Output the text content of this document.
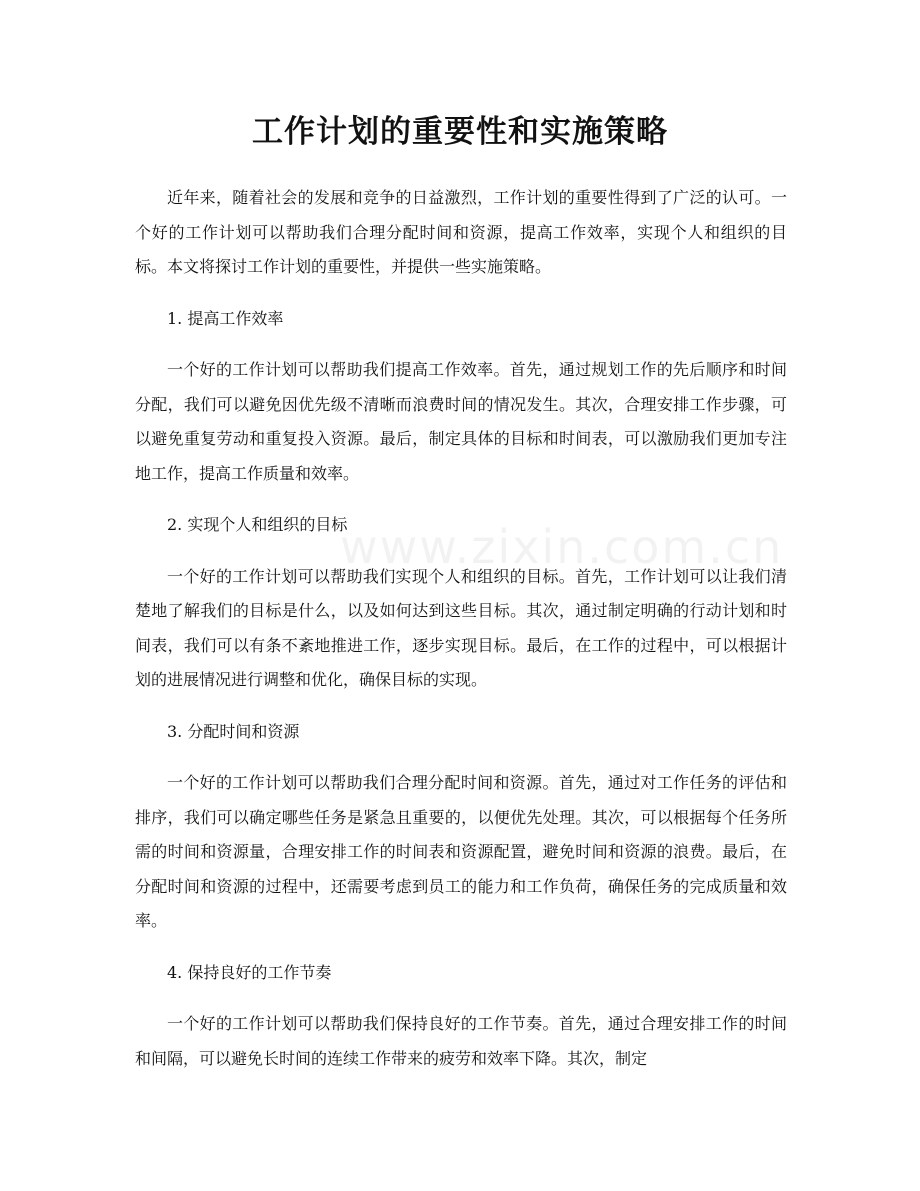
www.zixin.com.cn
工作计划的重要性和实施策略

近年来，随着社会的发展和竞争的日益激烈，工作计划的重要性得到了广泛的认可。一个好的工作计划可以帮助我们合理分配时间和资源，提高工作效率，实现个人和组织的目标。本文将探讨工作计划的重要性，并提供一些实施策略。

1. 提高工作效率

一个好的工作计划可以帮助我们提高工作效率。首先，通过规划工作的先后顺序和时间分配，我们可以避免因优先级不清晰而浪费时间的情况发生。其次，合理安排工作步骤，可以避免重复劳动和重复投入资源。最后，制定具体的目标和时间表，可以激励我们更加专注地工作，提高工作质量和效率。

2. 实现个人和组织的目标

一个好的工作计划可以帮助我们实现个人和组织的目标。首先，工作计划可以让我们清楚地了解我们的目标是什么，以及如何达到这些目标。其次，通过制定明确的行动计划和时间表，我们可以有条不紊地推进工作，逐步实现目标。最后，在工作的过程中，可以根据计划的进展情况进行调整和优化，确保目标的实现。

3. 分配时间和资源

一个好的工作计划可以帮助我们合理分配时间和资源。首先，通过对工作任务的评估和排序，我们可以确定哪些任务是紧急且重要的，以便优先处理。其次，可以根据每个任务所需的时间和资源量，合理安排工作的时间表和资源配置，避免时间和资源的浪费。最后，在分配时间和资源的过程中，还需要考虑到员工的能力和工作负荷，确保任务的完成质量和效率。

4. 保持良好的工作节奏

一个好的工作计划可以帮助我们保持良好的工作节奏。首先，通过合理安排工作的时间和间隔，可以避免长时间的连续工作带来的疲劳和效率下降。其次，制定
